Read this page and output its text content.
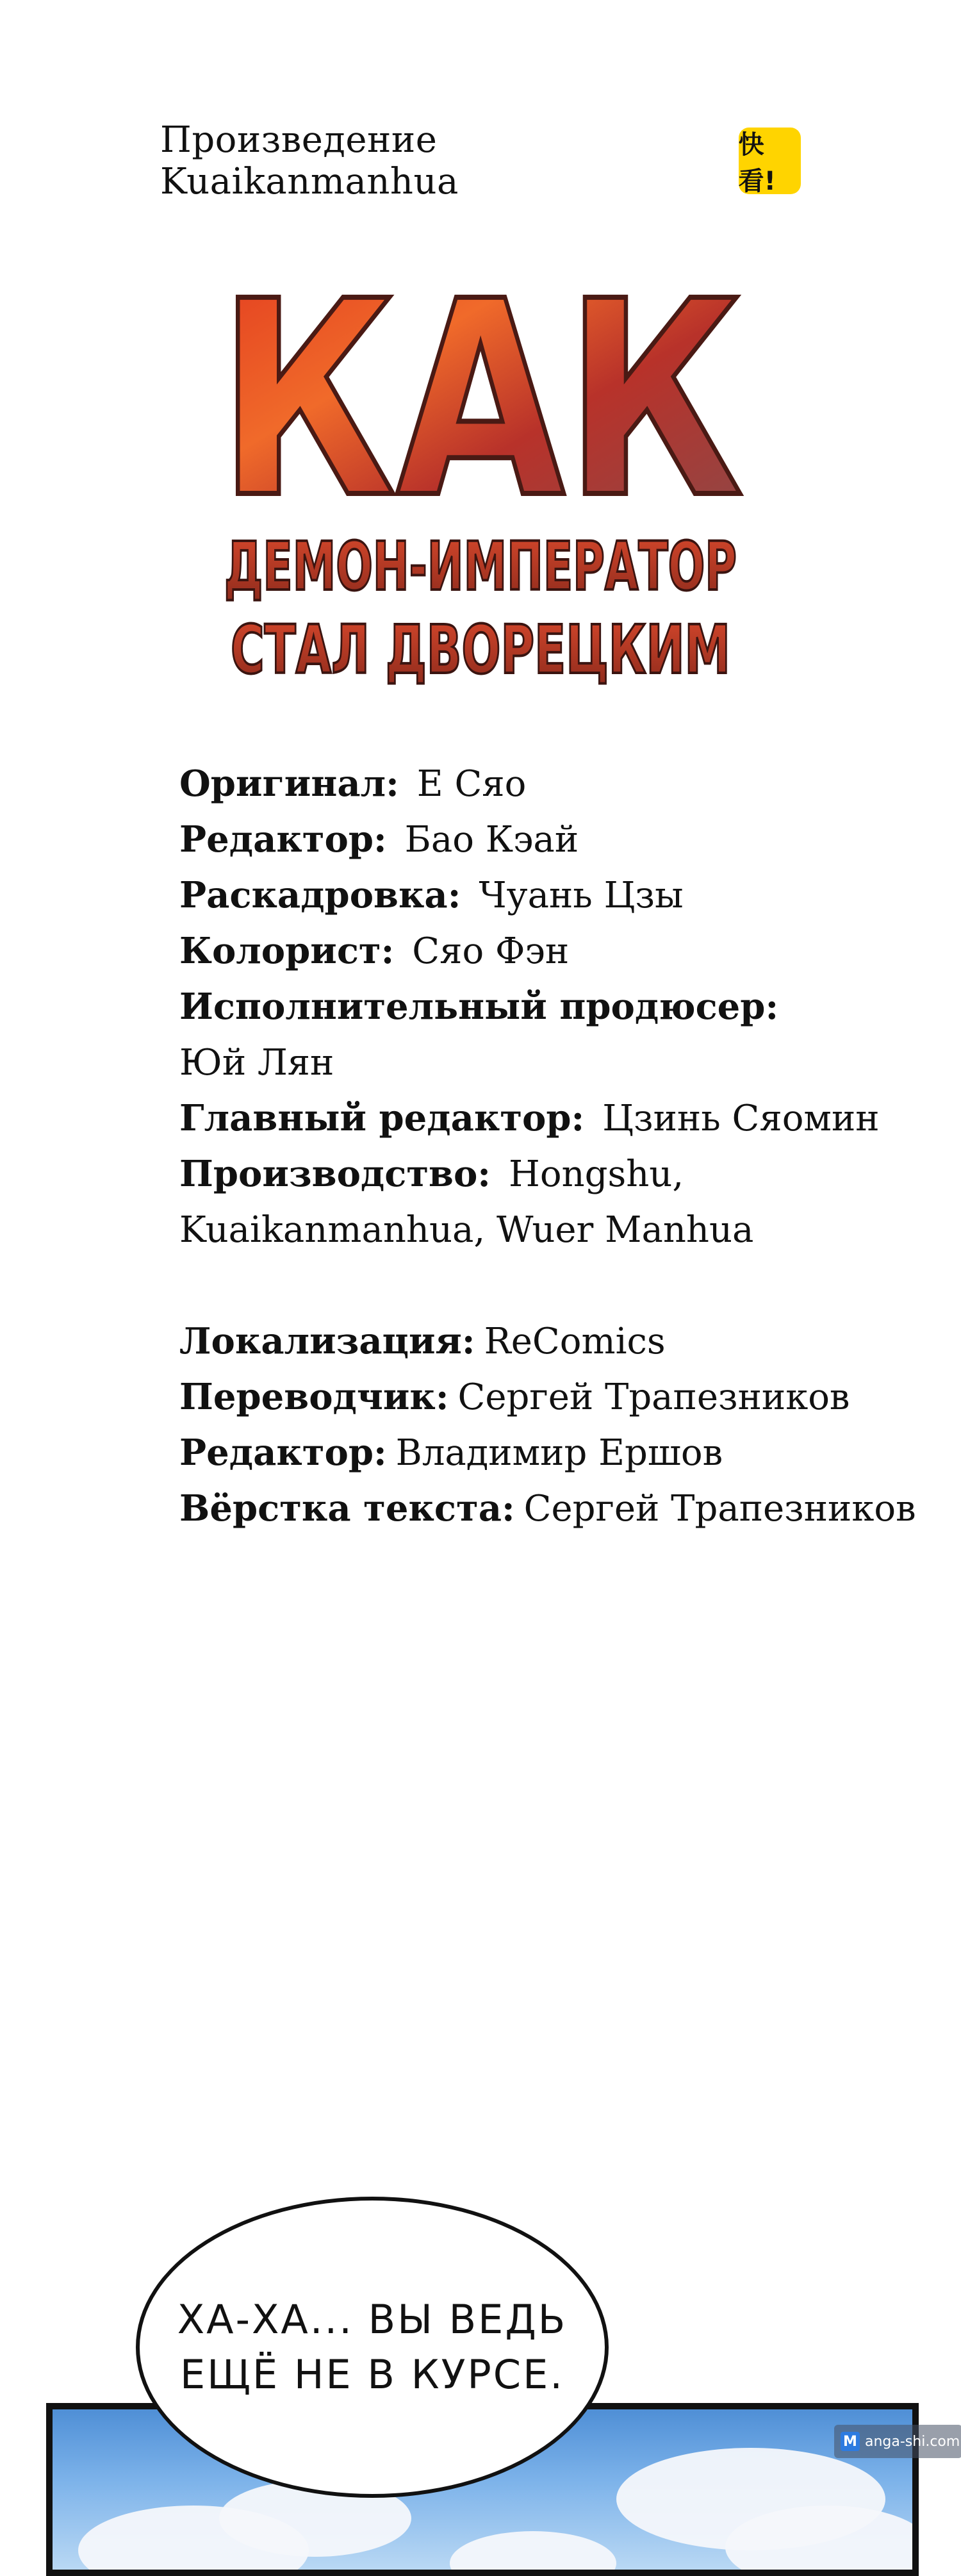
Произведение Kuaikanmanhua
快看!
КАК
ДЕМОН-ИМПЕРАТОР
СТАЛ ДВОРЕЦКИМ
Оригинал: Е Сяо
Редактор: Бао Кэай
Раскадровка: Чуань Цзы
Колорист: Сяо Фэн
Исполнительный продюсер:
Юй Лян
Главный редактор: Цзинь Сяомин
Производство: Hongshu,
Kuaikanmanhua, Wuer Manhua
Локализация: ReComics
Переводчик: Сергей Трапезников
Редактор: Владимир Ершов
Вёрстка текста: Сергей Трапезников
ХА-ХА... ВЫ ВЕДЬ
ЕЩЁ НЕ В КУРСЕ.
M anga-shi.com
